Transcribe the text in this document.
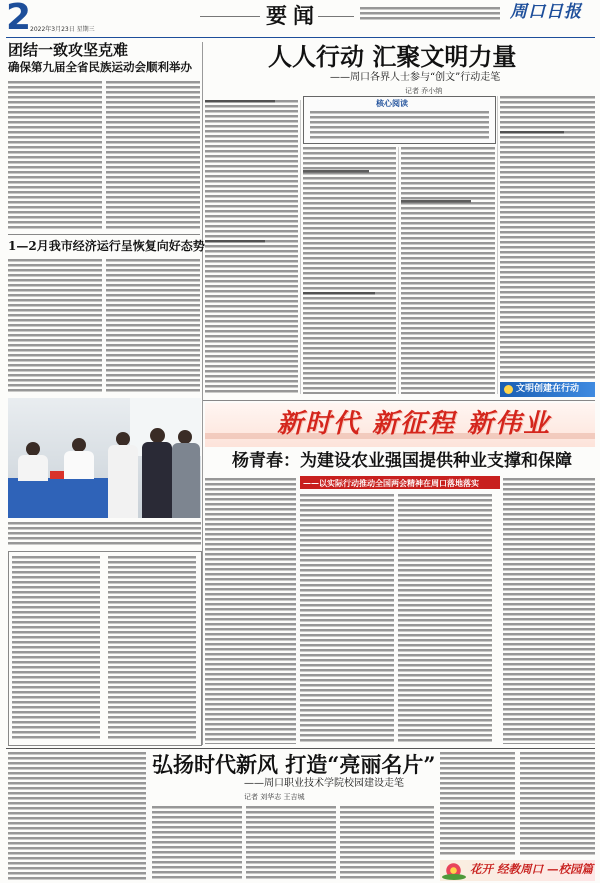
2
2022年3月23日 星期三
要闻	周口日报
团结一致攻坚克难
确保第九届全省民族运动会顺利举办
1—2月我市经济运行呈恢复向好态势
人人行动 汇聚文明力量
——周口各界人士参与“创文”行动走笔
记者 乔小纳
核心阅读
文明创建在行动
新时代 新征程 新伟业
杨青春：为建设农业强国提供种业支撑和保障
——以实际行动推动全国两会精神在周口落地落实
弘扬时代新风 打造“亮丽名片”
——周口职业技术学院校园建设走笔
记者 刘华志 王吉城
花开 经教周口 —校园篇
